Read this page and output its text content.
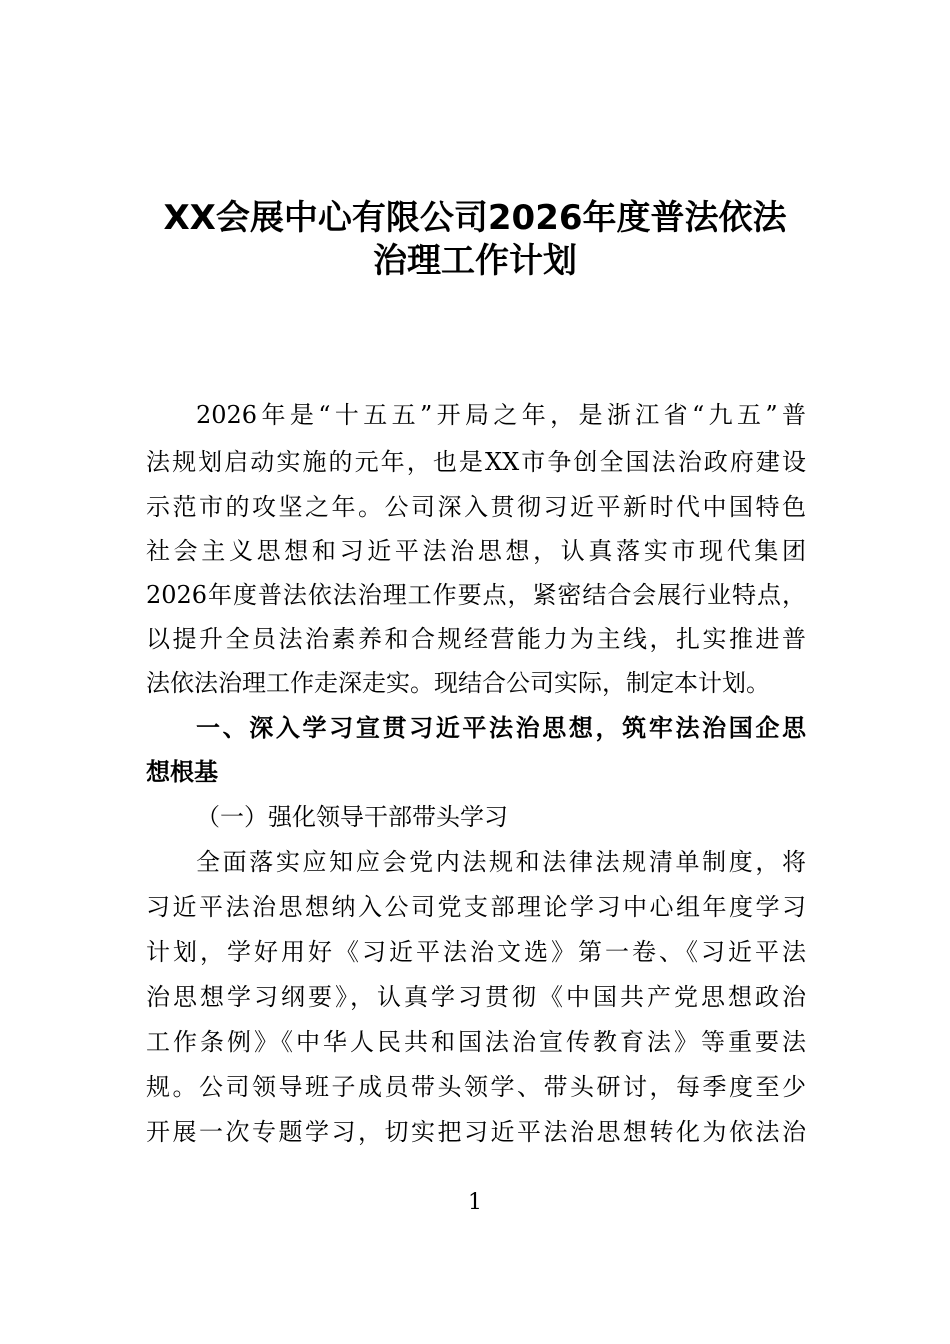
XX会展中心有限公司2026年度普法依法
治理工作计划
2026年是“十五五”开局之年，是浙江省“九五”普
法规划启动实施的元年，也是XX市争创全国法治政府建设
示范市的攻坚之年。公司深入贯彻习近平新时代中国特色
社会主义思想和习近平法治思想，认真落实市现代集团
2026年度普法依法治理工作要点，紧密结合会展行业特点，
以提升全员法治素养和合规经营能力为主线，扎实推进普
法依法治理工作走深走实。现结合公司实际，制定本计划。
一、深入学习宣贯习近平法治思想，筑牢法治国企思
想根基
（一）强化领导干部带头学习
全面落实应知应会党内法规和法律法规清单制度，将
习近平法治思想纳入公司党支部理论学习中心组年度学习
计划，学好用好《习近平法治文选》第一卷、《习近平法
治思想学习纲要》，认真学习贯彻《中国共产党思想政治
工作条例》《中华人民共和国法治宣传教育法》等重要法
规。公司领导班子成员带头领学、带头研讨，每季度至少
开展一次专题学习，切实把习近平法治思想转化为依法治
1
